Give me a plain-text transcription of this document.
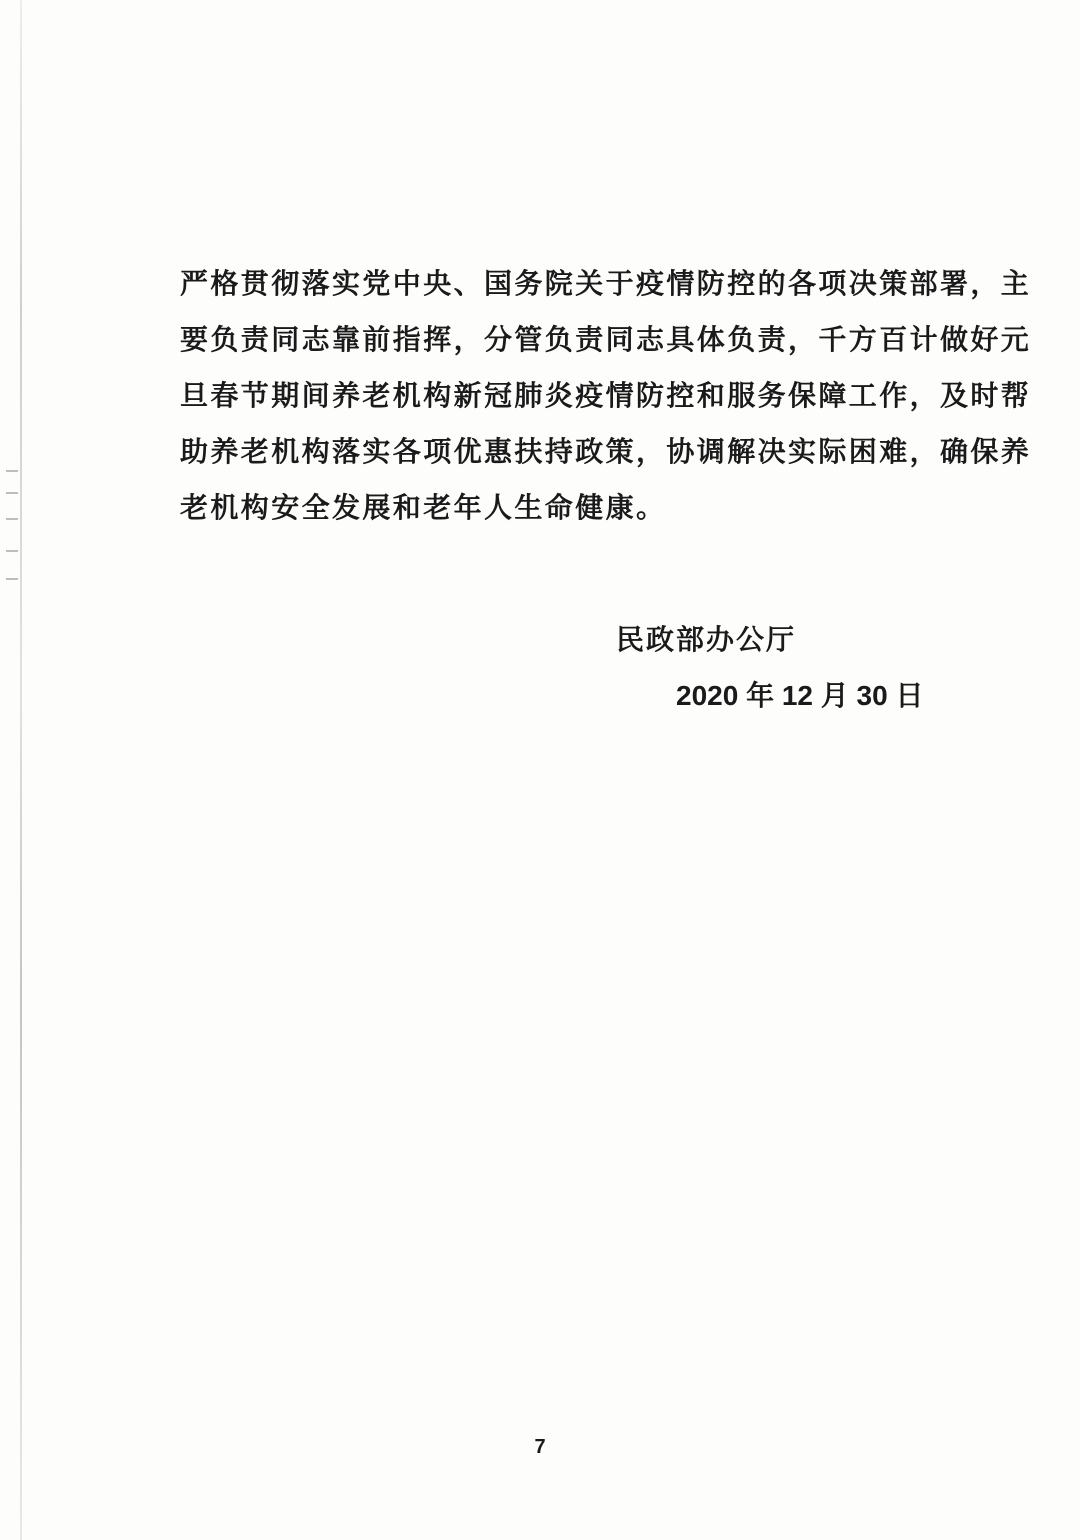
严格贯彻落实党中央、国务院关于疫情防控的各项决策部署，主
要负责同志靠前指挥，分管负责同志具体负责，千方百计做好元
旦春节期间养老机构新冠肺炎疫情防控和服务保障工作，及时帮
助养老机构落实各项优惠扶持政策，协调解决实际困难，确保养
老机构安全发展和老年人生命健康。
民政部办公厅
2020 年 12 月 30 日
7
